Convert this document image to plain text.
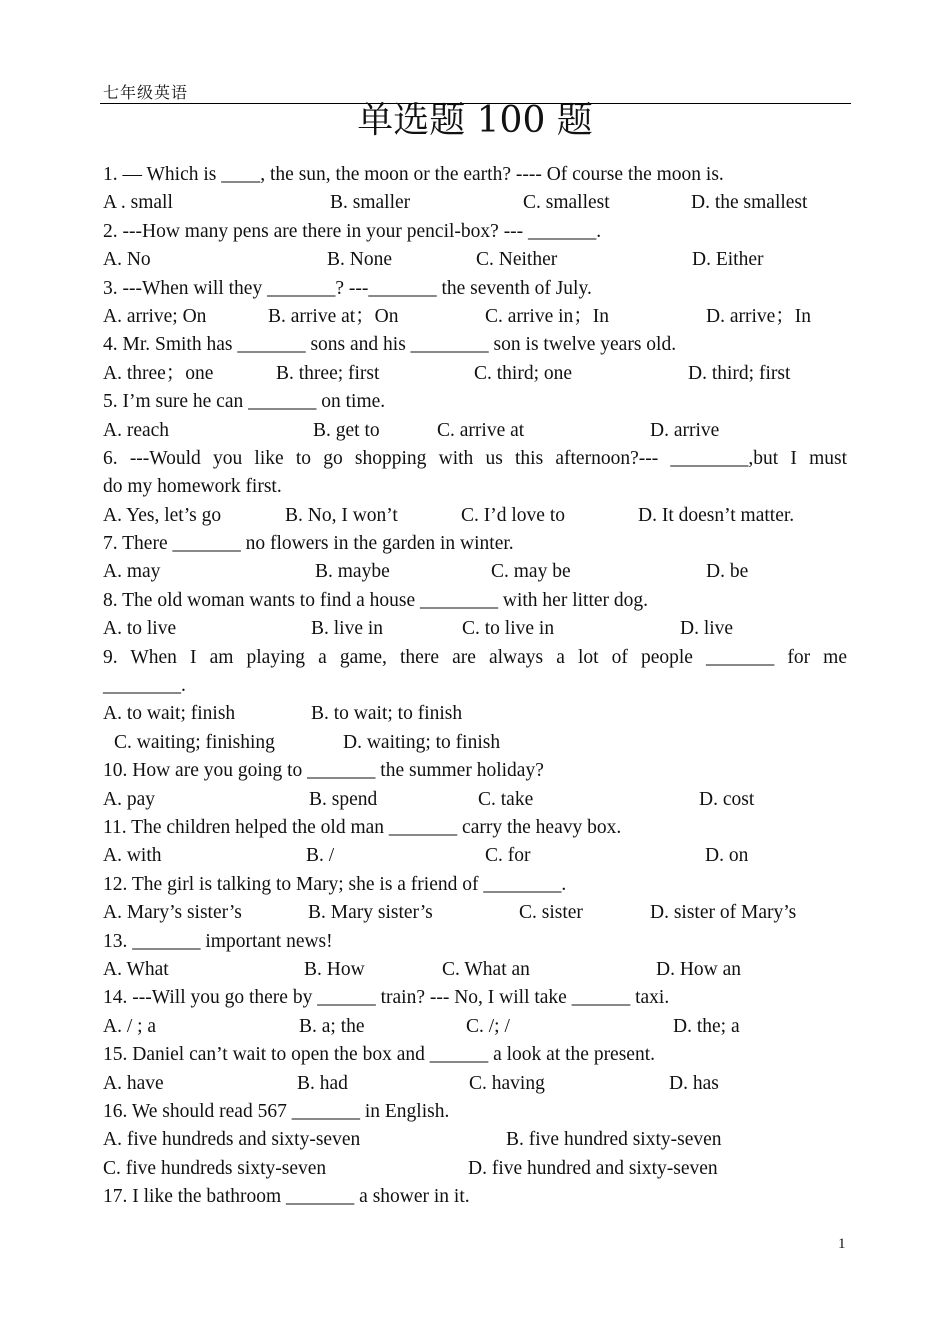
七年级英语
单选题 100 题
1. — Which is ____, the sun, the moon or the earth? ---- Of course the moon is.
A . small	B. smaller	C. smallest	D. the smallest
2. ---How many pens are there in your pencil-box? --- _______.
A. No	B. None	C. Neither	D. Either
3. ---When will they _______? ---_______ the seventh of July.
A. arrive; On	B. arrive at；On	C. arrive in；In	D. arrive；In
4. Mr. Smith has _______ sons and his ________ son is twelve years old.
A. three；one	B. three; first	C. third; one	D. third; first
5. I’m sure he can _______ on time.
A. reach	B. get to	C. arrive at	D. arrive
6. ---Would you like to go shopping with us this afternoon?--- ________,but I must
do my homework first.
A. Yes, let’s go	B. No, I won’t	C. I’d love to	D. It doesn’t matter.
7. There _______ no flowers in the garden in winter.
A. may	B. maybe	C. may be	D. be
8. The old woman wants to find a house ________ with her litter dog.
A. to live	B. live in	C. to live in	D. live
9. When I am playing a game, there are always a lot of people _______ for me
________.
A. to wait; finish	B. to wait; to finish
C. waiting; finishing	D. waiting; to finish
10. How are you going to _______ the summer holiday?
A. pay	B. spend	C. take	D. cost
11. The children helped the old man _______ carry the heavy box.
A. with	B. /	C. for	D. on
12. The girl is talking to Mary; she is a friend of ________.
A. Mary’s sister’s	B. Mary sister’s	C. sister	D. sister of Mary’s
13. _______ important news!
A. What	B. How	C. What an	D. How an
14. ---Will you go there by ______ train? --- No, I will take ______ taxi.
A. / ; a	B. a; the	C. /; /	D. the; a
15. Daniel can’t wait to open the box and ______ a look at the present.
A. have	B. had	C. having	D. has
16. We should read 567 _______ in English.
A. five hundreds and sixty-seven	B. five hundred sixty-seven
C. five hundreds sixty-seven	D. five hundred and sixty-seven
17. I like the bathroom _______ a shower in it.
1
